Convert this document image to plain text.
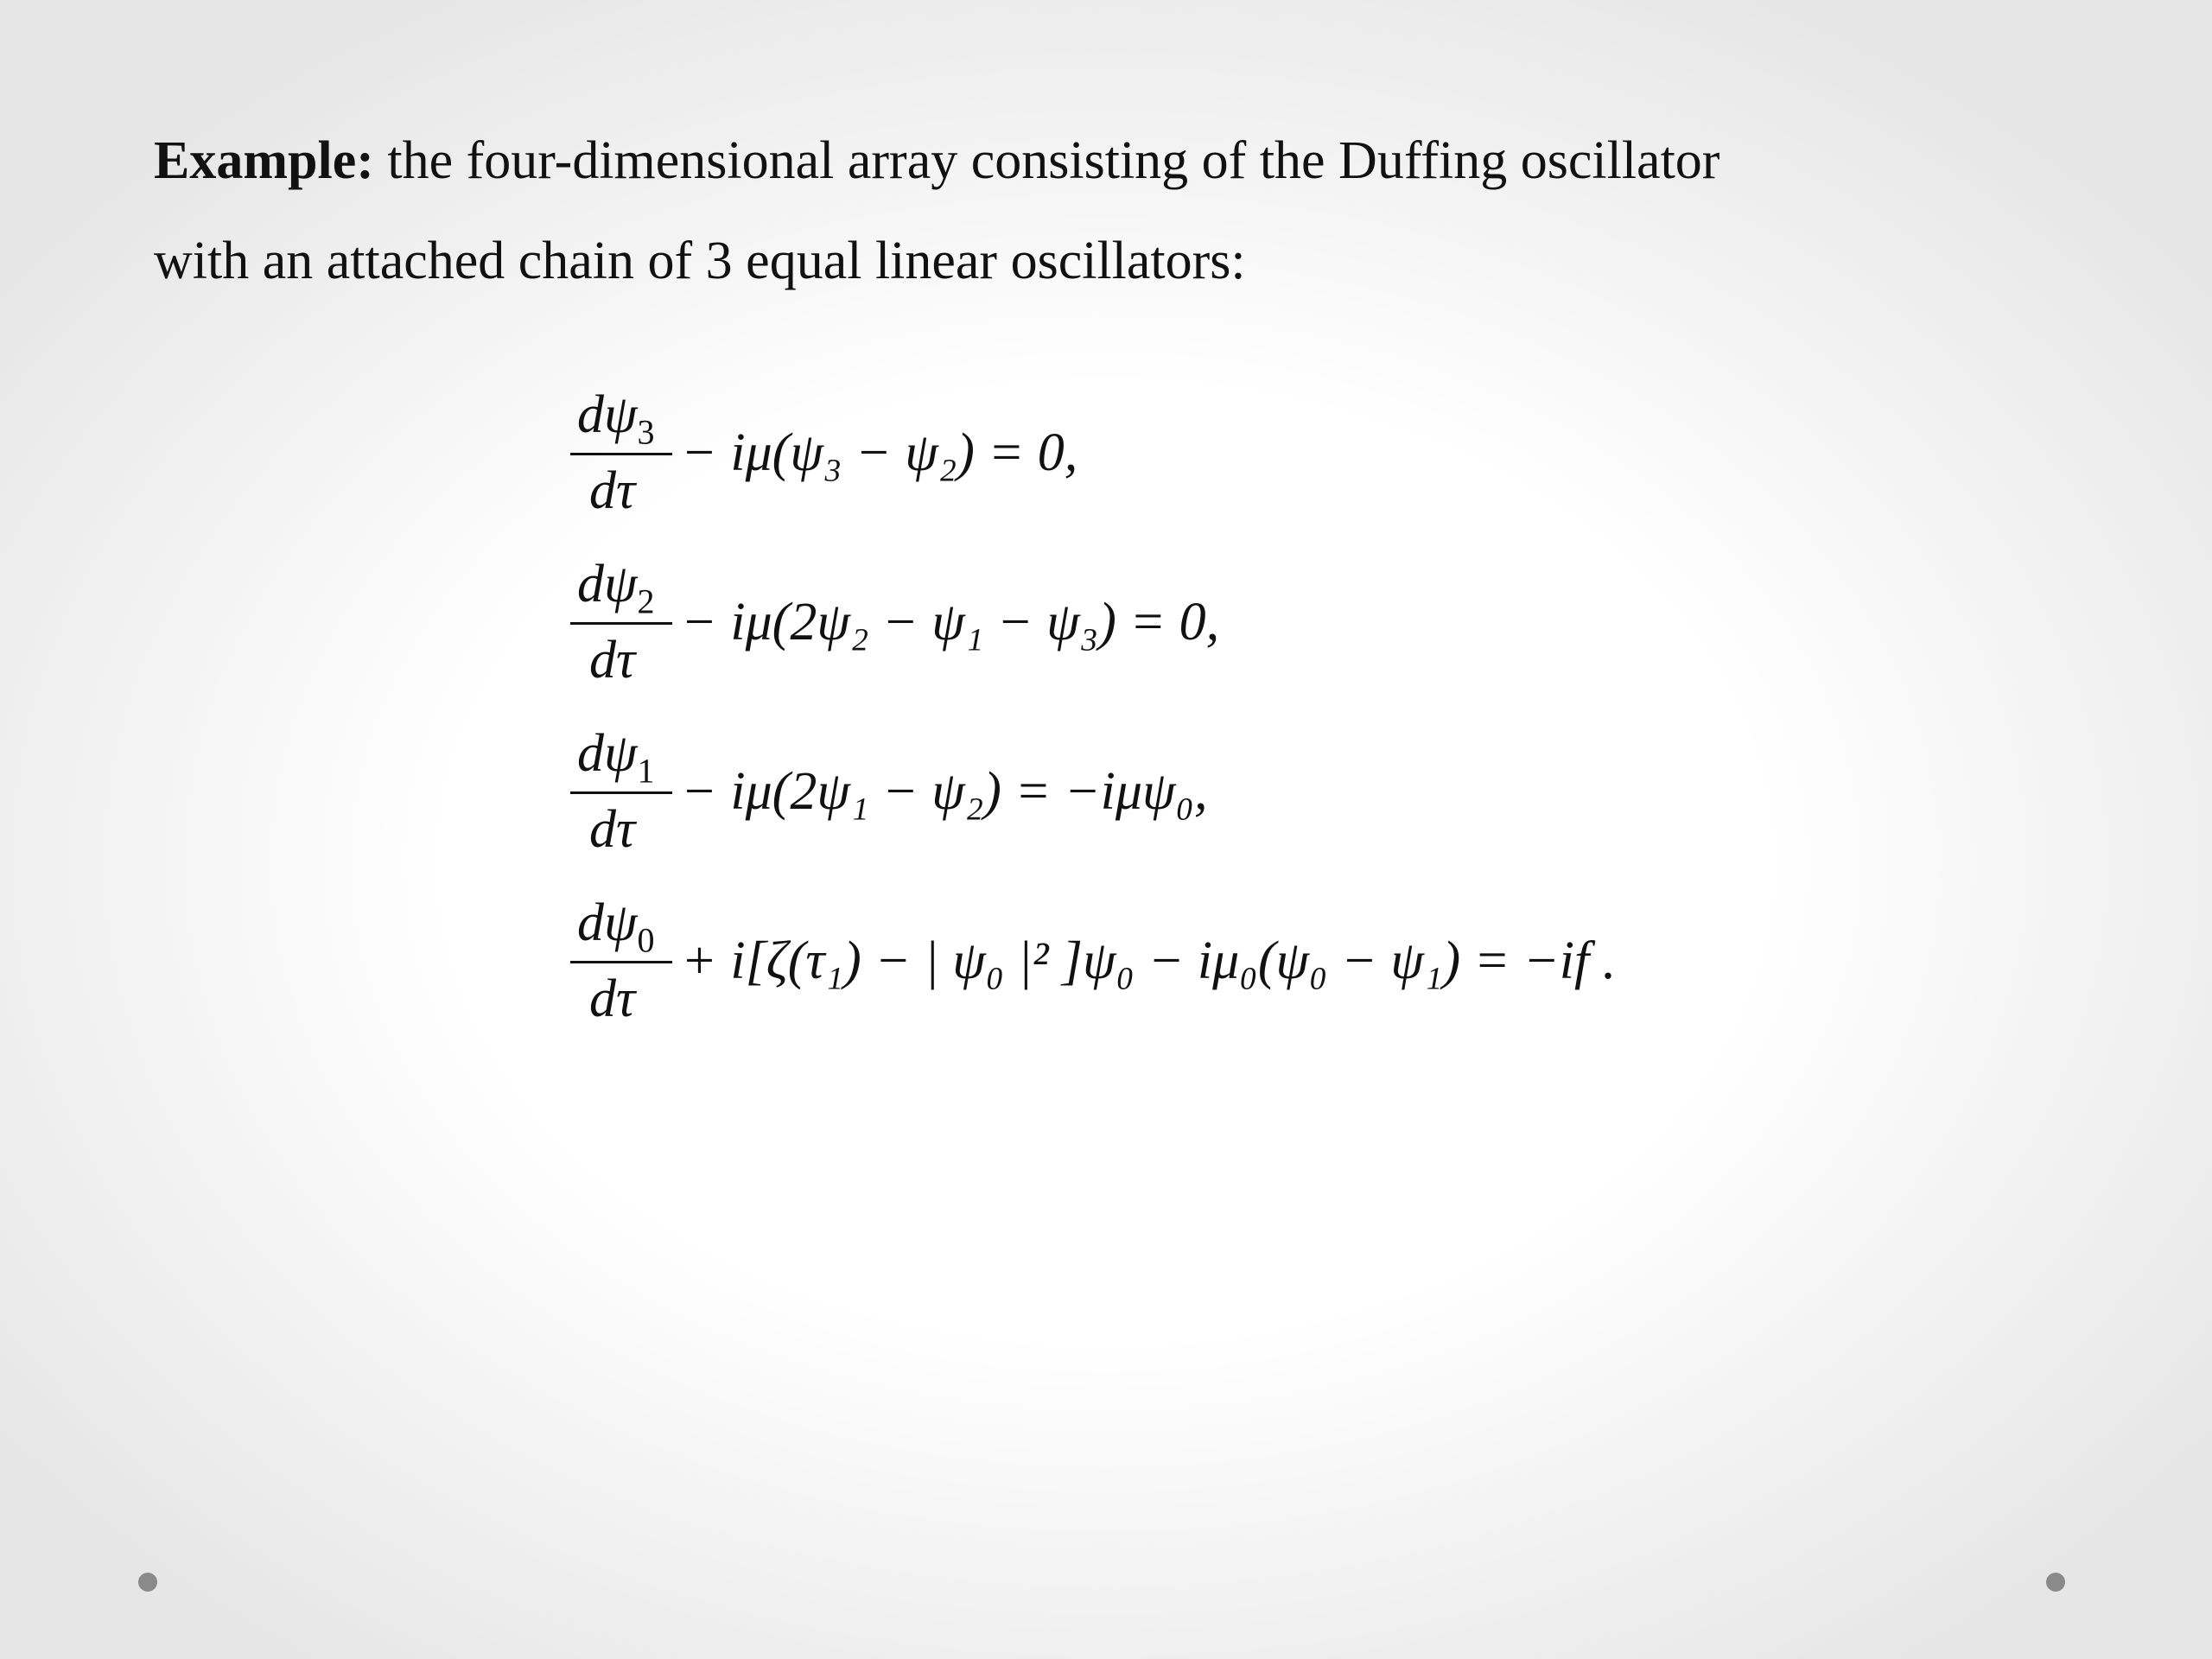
Example: the four-dimensional array consisting of the Duffing oscillator
with an attached chain of 3 equal linear oscillators:
$d\psi_3$
dτ
− iμ(ψ₃ − ψ₂) = 0,
$d\psi_2$
dτ
− iμ(2ψ₂ − ψ₁ − ψ₃) = 0,
$d\psi_1$
dτ
− iμ(2ψ₁ − ψ₂) = −iμψ₀,
$d\psi_0$
dτ
+ i[ζ(τ₁) − | ψ₀ |² ]ψ₀ − iμ₀(ψ₀ − ψ₁) = −if .
